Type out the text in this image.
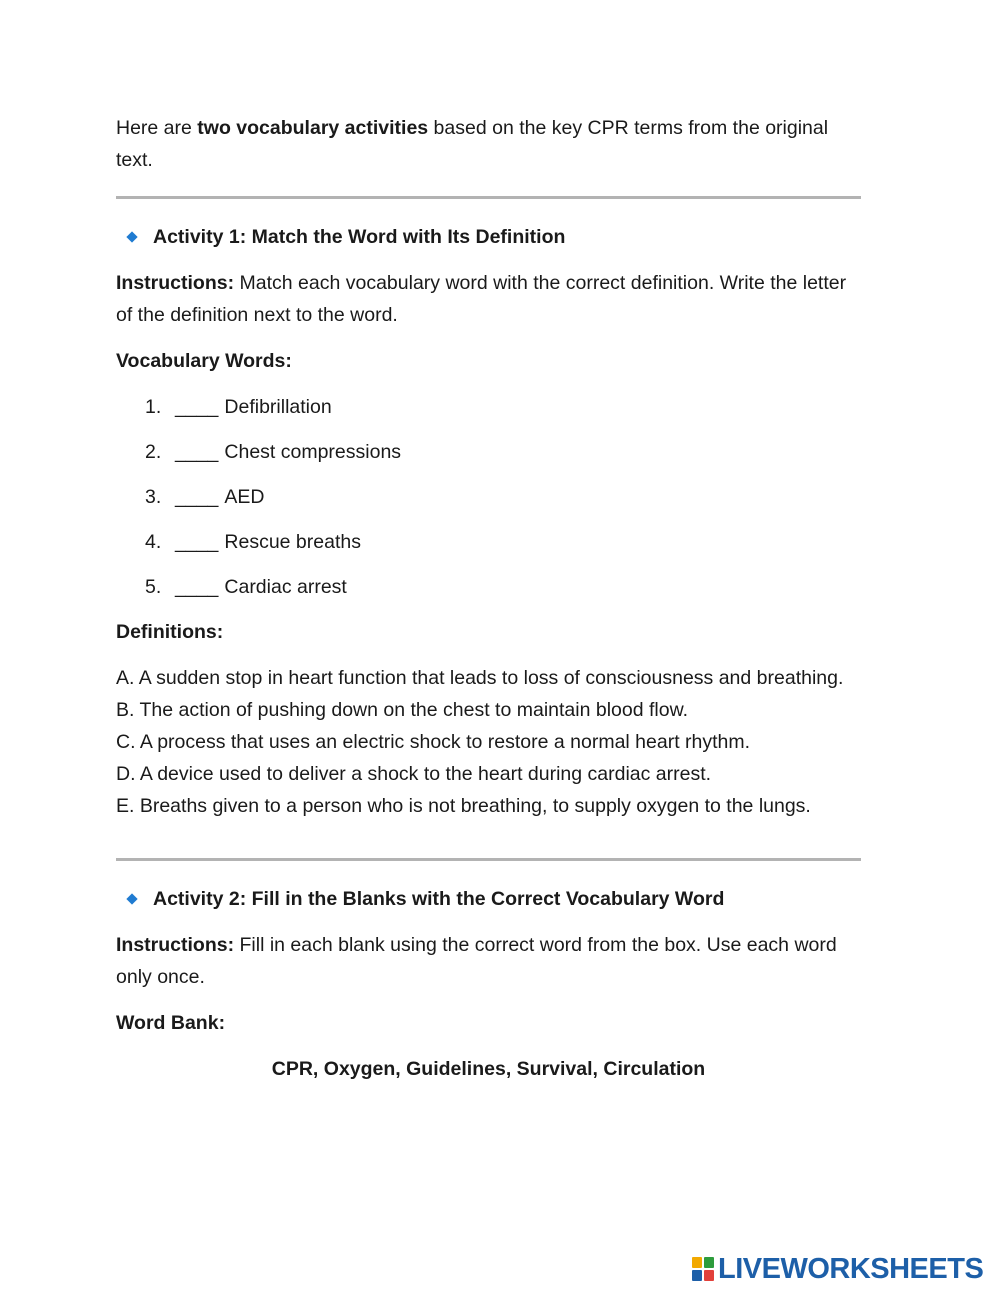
Here are two vocabulary activities based on the key CPR terms from the original text.

Activity 1: Match the Word with Its Definition

Instructions: Match each vocabulary word with the correct definition. Write the letter of the definition next to the word.

Vocabulary Words:

1. ____ Defibrillation
2. ____ Chest compressions
3. ____ AED
4. ____ Rescue breaths
5. ____ Cardiac arrest

Definitions:

A. A sudden stop in heart function that leads to loss of consciousness and breathing.
B. The action of pushing down on the chest to maintain blood flow.
C. A process that uses an electric shock to restore a normal heart rhythm.
D. A device used to deliver a shock to the heart during cardiac arrest.
E. Breaths given to a person who is not breathing, to supply oxygen to the lungs.
Activity 2: Fill in the Blanks with the Correct Vocabulary Word

Instructions: Fill in each blank using the correct word from the box. Use each word only once.

Word Bank:

CPR, Oxygen, Guidelines, Survival, Circulation

LIVEWORKSHEETS
